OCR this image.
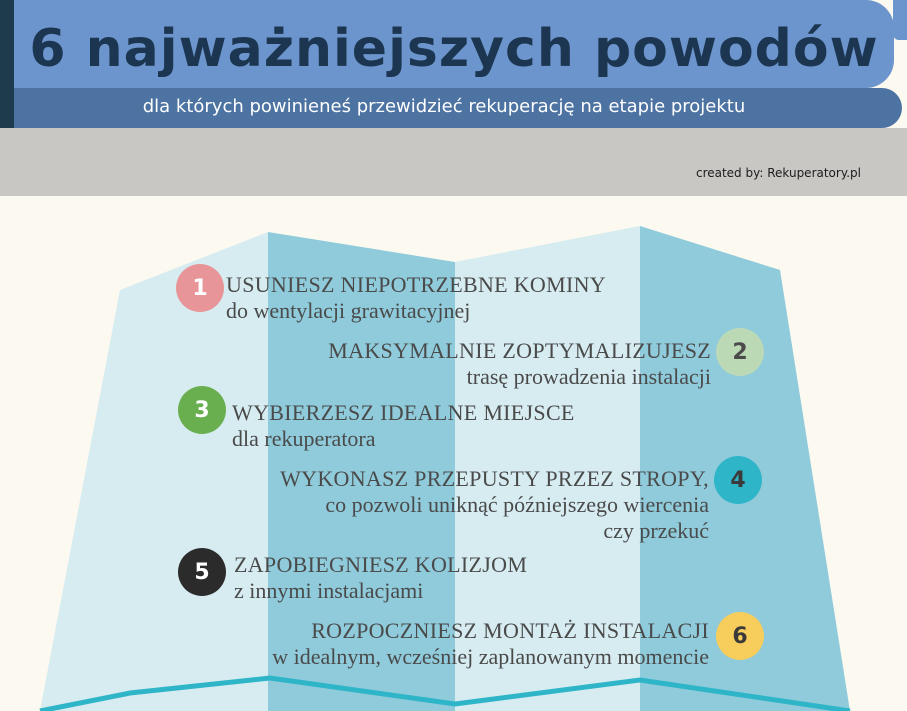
6 najważniejszych powodów
dla których powinieneś przewidzieć rekuperację na etapie projektu
created by: Rekuperatory.pl
1 USUNIESZ NIEPOTRZEBNE KOMINY
do wentylacji grawitacyjnej
MAKSYMALNIE ZOPTYMALIZUJESZ
trasę prowadzenia instalacji
2
3 WYBIERZESZ IDEALNE MIEJSCE
dla rekuperatora
WYKONASZ PRZEPUSTY PRZEZ STROPY,
co pozwoli uniknąć późniejszego wiercenia
czy przekuć
4
5 ZAPOBIEGNIESZ KOLIZJOM
z innymi instalacjami
ROZPOCZNIESZ MONTAŻ INSTALACJI
w idealnym, wcześniej zaplanowanym momencie
6
